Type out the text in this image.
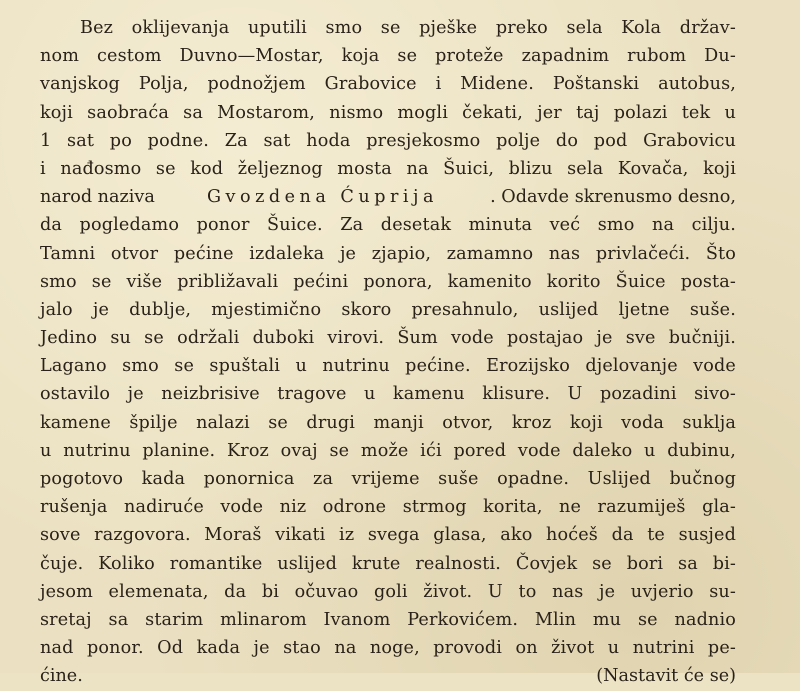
Bez oklijevanja uputili smo se pješke preko sela Kola držav-
nom cestom Duvno—Mostar, koja se proteže zapadnim rubom Du-
vanjskog Polja, podnožjem Grabovice i Midene. Poštanski autobus,
koji saobraća sa Mostarom, nismo mogli čekati, jer taj polazi tek u
1 sat po podne. Za sat hoda presjekosmo polje do pod Grabovicu
i nađosmo se kod željeznog mosta na Šuici, blizu sela Kovača, koji
narod naziva	Gvozdena Ćuprija	. Odavde skrenusmo desno,
da pogledamo ponor Šuice. Za desetak minuta već smo na cilju.
Tamni otvor pećine izdaleka je zjapio, zamamno nas privlačeći. Što
smo se više približavali pećini ponora, kamenito korito Šuice posta-
jalo je dublje, mjestimično skoro presahnulo, uslijed ljetne suše.
Jedino su se održali duboki virovi. Šum vode postajao je sve bučniji.
Lagano smo se spuštali u nutrinu pećine. Erozijsko djelovanje vode
ostavilo je neizbrisive tragove u kamenu klisure. U pozadini sivo-
kamene špilje nalazi se drugi manji otvor, kroz koji voda suklja
u nutrinu planine. Kroz ovaj se može ići pored vode daleko u dubinu,
pogotovo kada ponornica za vrijeme suše opadne. Uslijed bučnog
rušenja nadiruće vode niz odrone strmog korita, ne razumiješ gla-
sove razgovora. Moraš vikati iz svega glasa, ako hoćeš da te susjed
čuje. Koliko romantike uslijed krute realnosti. Čovjek se bori sa bi-
jesom elemenata, da bi očuvao goli život. U to nas je uvjerio su-
sretaj sa starim mlinarom Ivanom Perkovićem. Mlin mu se nadnio
nad ponor. Od kada je stao na noge, provodi on život u nutrini pe-
ćine.	(Nastavit će se)
